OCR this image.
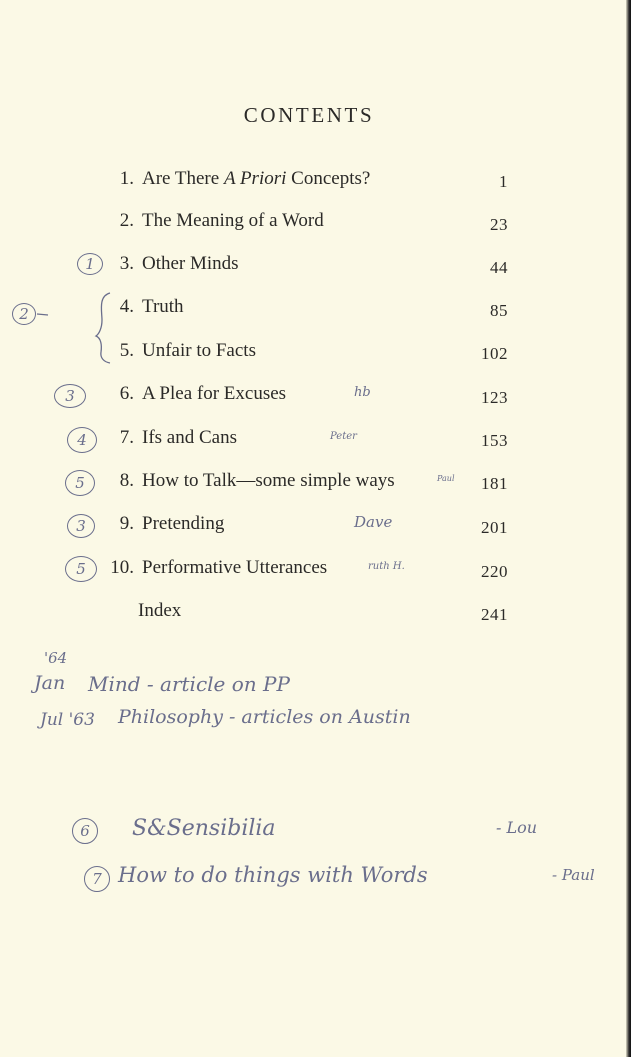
CONTENTS
1. Are There A Priori Concepts?	1
2. The Meaning of a Word	23
3. Other Minds	44
4. Truth	85
5. Unfair to Facts	102
6. A Plea for Excuses	123
7. Ifs and Cans	153
8. How to Talk—some simple ways	181
9. Pretending	201
10. Performative Utterances	220
Index	241
1
2
3
4
5
3
5
hb
Peter
Paul
Dave
ruth H.
'64
Jan Mind - article on PP
Jul '63 Philosophy - articles on Austin
6	S&Sensibilia	- Lou
7 How to do things with Words	- Paul
